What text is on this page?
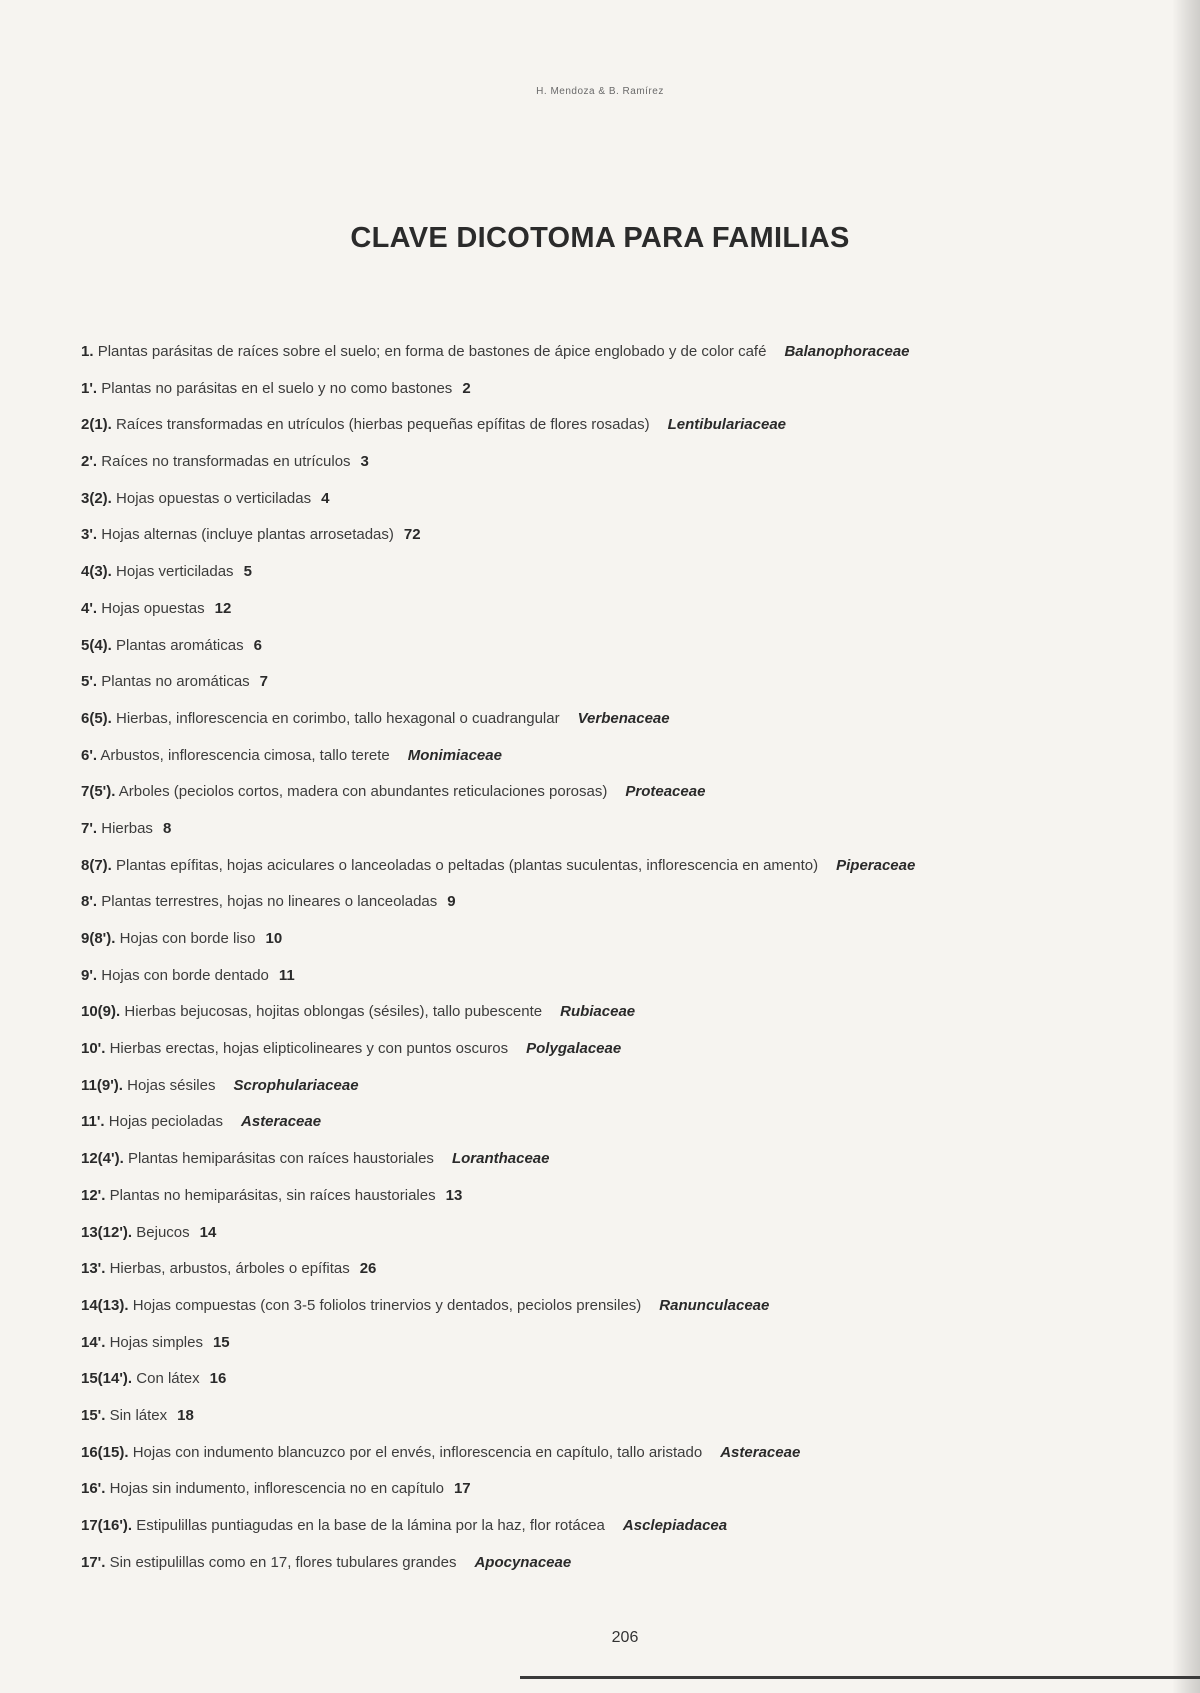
H. Mendoza & B. Ramírez
CLAVE DICOTOMA PARA FAMILIAS
1. Plantas parásitas de raíces sobre el suelo; en forma de bastones de ápice englobado y de color café Balanophoraceae
1'. Plantas no parásitas en el suelo y no como bastones 2
2(1). Raíces transformadas en utrículos (hierbas pequeñas epífitas de flores rosadas) Lentibulariaceae
2'. Raíces no transformadas en utrículos 3
3(2). Hojas opuestas o verticiladas 4
3'. Hojas alternas (incluye plantas arrosetadas) 72
4(3). Hojas verticiladas 5
4'. Hojas opuestas 12
5(4). Plantas aromáticas 6
5'. Plantas no aromáticas 7
6(5). Hierbas, inflorescencia en corimbo, tallo hexagonal o cuadrangular Verbenaceae
6'. Arbustos, inflorescencia cimosa, tallo terete Monimiaceae
7(5'). Arboles (peciolos cortos, madera con abundantes reticulaciones porosas) Proteaceae
7'. Hierbas 8
8(7). Plantas epífitas, hojas aciculares o lanceoladas o peltadas (plantas suculentas, inflorescencia en amento) Piperaceae
8'. Plantas terrestres, hojas no lineares o lanceoladas 9
9(8'). Hojas con borde liso 10
9'. Hojas con borde dentado 11
10(9). Hierbas bejucosas, hojitas oblongas (sésiles), tallo pubescente Rubiaceae
10'. Hierbas erectas, hojas elipticolineares y con puntos oscuros Polygalaceae
11(9'). Hojas sésiles Scrophulariaceae
11'. Hojas pecioladas Asteraceae
12(4'). Plantas hemiparásitas con raíces haustoriales Loranthaceae
12'. Plantas no hemiparásitas, sin raíces haustoriales 13
13(12'). Bejucos 14
13'. Hierbas, arbustos, árboles o epífitas 26
14(13). Hojas compuestas (con 3-5 foliolos trinervios y dentados, peciolos prensiles) Ranunculaceae
14'. Hojas simples 15
15(14'). Con látex 16
15'. Sin látex 18
16(15). Hojas con indumento blancuzco por el envés, inflorescencia en capítulo, tallo aristado Asteraceae
16'. Hojas sin indumento, inflorescencia no en capítulo 17
17(16'). Estipulillas puntiagudas en la base de la lámina por la haz, flor rotácea Asclepiadacea
17'. Sin estipulillas como en 17, flores tubulares grandes Apocynaceae
206
